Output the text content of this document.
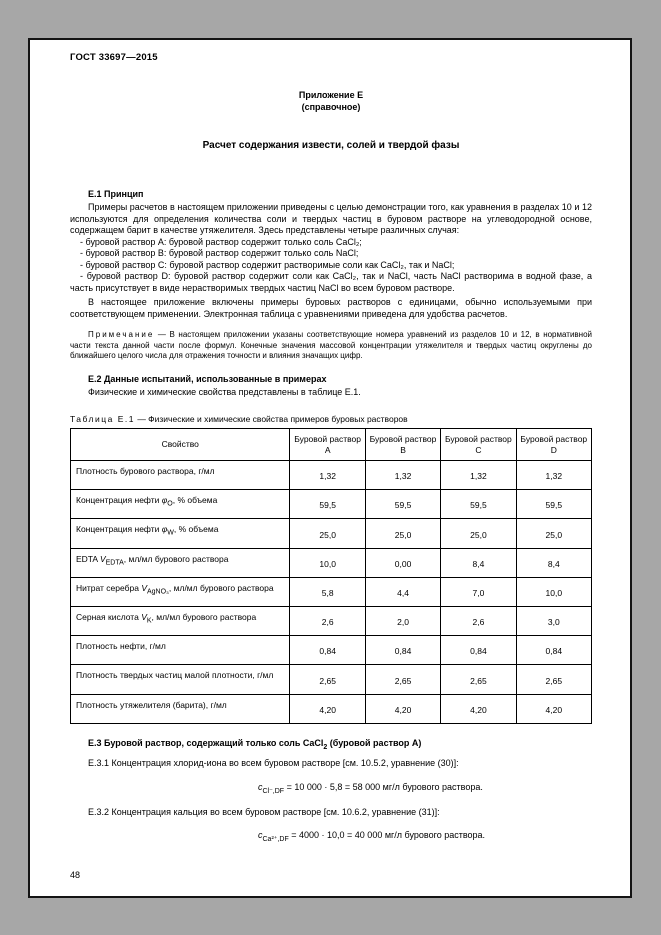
ГОСТ 33697—2015
Приложение Е
(справочное)
Расчет содержания извести, солей и твердой фазы
Е.1 Принцип

Примеры расчетов в настоящем приложении приведены с целью демонстрации того, как уравнения в разделах 10 и 12 используются для определения количества соли и твердых частиц в буровом растворе на углеводородной основе, содержащем барит в качестве утяжелителя. Здесь представлены четыре различных случая:

- буровой раствор A: буровой раствор содержит только соль CaCl₂;

- буровой раствор B: буровой раствор содержит только соль NaCl;

- буровой раствор C: буровой раствор содержит растворимые соли как CaCl₂, так и NaCl;

- буровой раствор D: буровой раствор содержит соли как CaCl₂, так и NaCl, часть NaCl растворима в водной фазе, а часть присутствует в виде нерастворимых твердых частиц NaCl во всем буровом растворе.

В настоящее приложение включены примеры буровых растворов с единицами, обычно используемыми при соответствующем применении. Электронная таблица с уравнениями приведена для удобства расчетов.

Примечание — В настоящем приложении указаны соответствующие номера уравнений из разделов 10 и 12, в нормативной части текста данной части после формул. Конечные значения массовой концентрации утяжелителя и твердых частиц округлены до ближайшего целого числа для отражения точности и влияния значащих цифр.

Е.2 Данные испытаний, использованные в примерах

Физические и химические свойства представлены в таблице Е.1.

Таблица Е.1 — Физические и химические свойства примеров буровых растворов
Свойство	Буровой раствор A	Буровой раствор B	Буровой раствор C	Буровой раствор D
Плотность бурового раствора, г/мл	1,32	1,32	1,32	1,32
Концентрация нефти $\varphi_O$, % объема	59,5	59,5	59,5	59,5
Концентрация нефти $\varphi_W$, % объема	25,0	25,0	25,0	25,0
EDTA $V_{EDTA}$, мл/мл бурового раствора	10,0	0,00	8,4	8,4
Нитрат серебра $V_{AgNO_3}$, мл/мл бурового раствора	5,8	4,4	7,0	10,0
Серная кислота $V_K$, мл/мл бурового раствора	2,6	2,0	2,6	3,0
Плотность нефти, г/мл	0,84	0,84	0,84	0,84
Плотность твердых частиц малой плотности, г/мл	2,65	2,65	2,65	2,65
Плотность утяжелителя (барита), г/мл	4,20	4,20	4,20	4,20
Е.3 Буровой раствор, содержащий только соль CaCl$_2$ (буровой раствор A)

Е.3.1 Концентрация хлорид-иона во всем буровом растворе [см. 10.5.2, уравнение (30)]:

$c_{Cl^-,DF} = 10$ 000 · 5,8 = 58 000 мг/л бурового раствора.

Е.3.2 Концентрация кальция во всем буровом растворе [см. 10.6.2, уравнение (31)]:

$c_{Ca^{2+},DF} = 4000 \cdot 10,0 = 40$ 000 мг/л бурового раствора.

48
